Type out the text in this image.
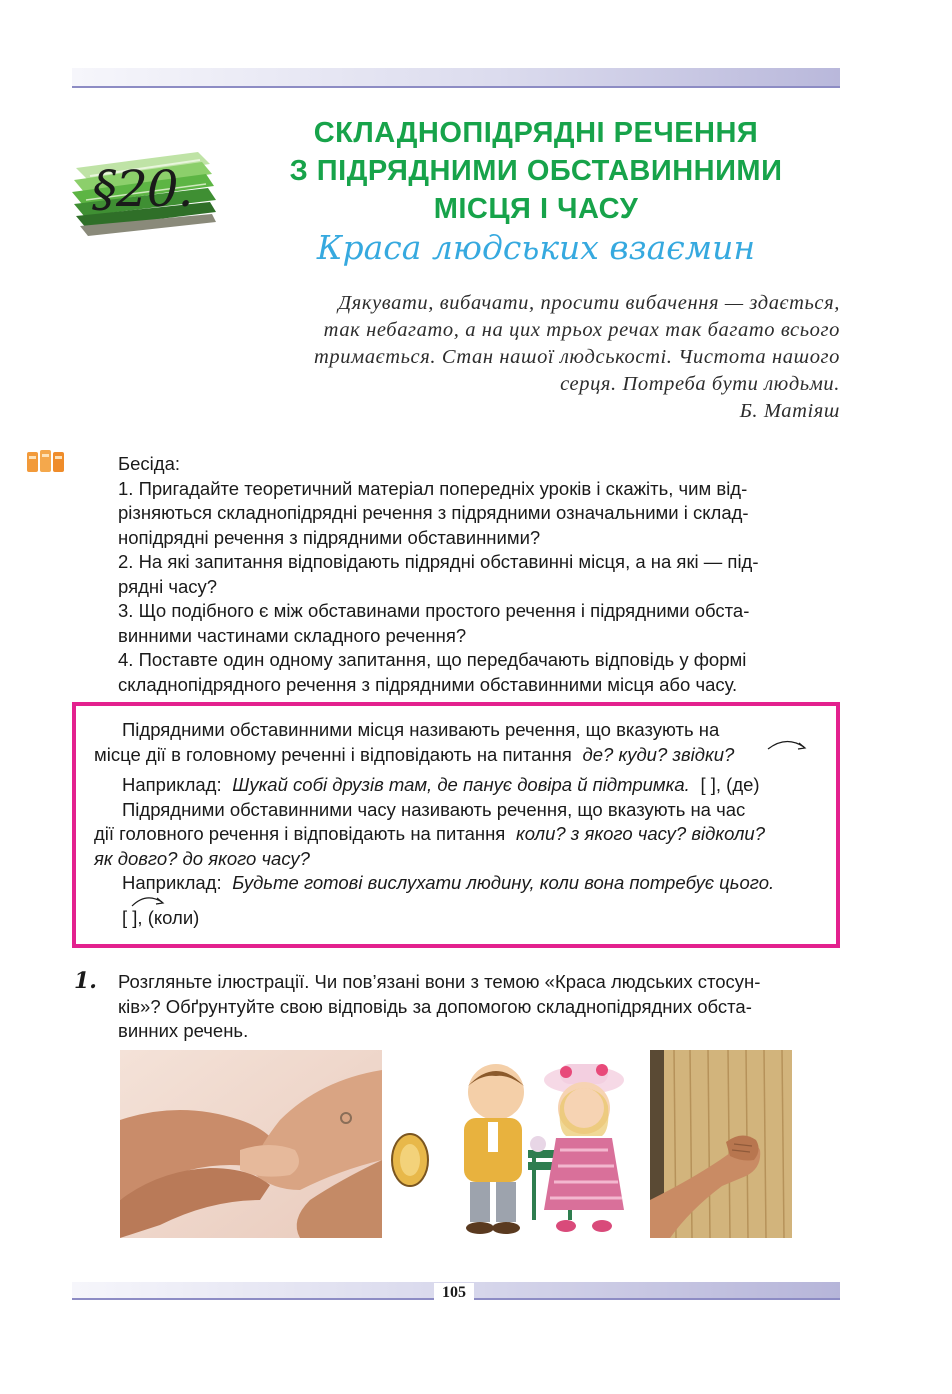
§20.
СКЛАДНОПІДРЯДНІ РЕЧЕННЯ
З ПІДРЯДНИМИ ОБСТАВИННИМИ
МІСЦЯ І ЧАСУ
Краса людських взаємин
Дякувати, вибачати, просити вибачення — здається,
так небагато, а на цих трьох речах так багато всього
тримається. Стан нашої людськості. Чистота нашого
серця. Потреба бути людьми.
Б. Матіяш
Бесіда:
1. Пригадайте теоретичний матеріал попередніх уроків і скажіть, чим від-
різняються складнопідрядні речення з підрядними означальними і склад-
нопідрядні речення з підрядними обставинними?
2. На які запитання відповідають підрядні обставинні місця, а на які — під-
рядні часу?
3. Що подібного є між обставинами простого речення і підрядними обста-
винними частинами складного речення?
4. Поставте один одному запитання, що передбачають відповідь у формі
складнопідрядного речення з підрядними обставинними місця або часу.
Підрядними обставинними місця називають речення, що вказують на
місце дії в головному реченні і відповідають на питання де? куди? звідки?
Наприклад: Шукай собі друзів там, де панує довіра й підтримка. [ ], (де)
Підрядними обставинними часу називають речення, що вказують на час
дії головного речення і відповідають на питання коли? з якого часу? відколи?
як довго? до якого часу?
Наприклад: Будьте готові вислухати людину, коли вона потребує цього.
[ ], (коли)
1. Розгляньте ілюстрації. Чи пов’язані вони з темою «Краса людських стосун-
ків»? Обґрунтуйте свою відповідь за допомогою складнопідрядних обста-
винних речень.
105
